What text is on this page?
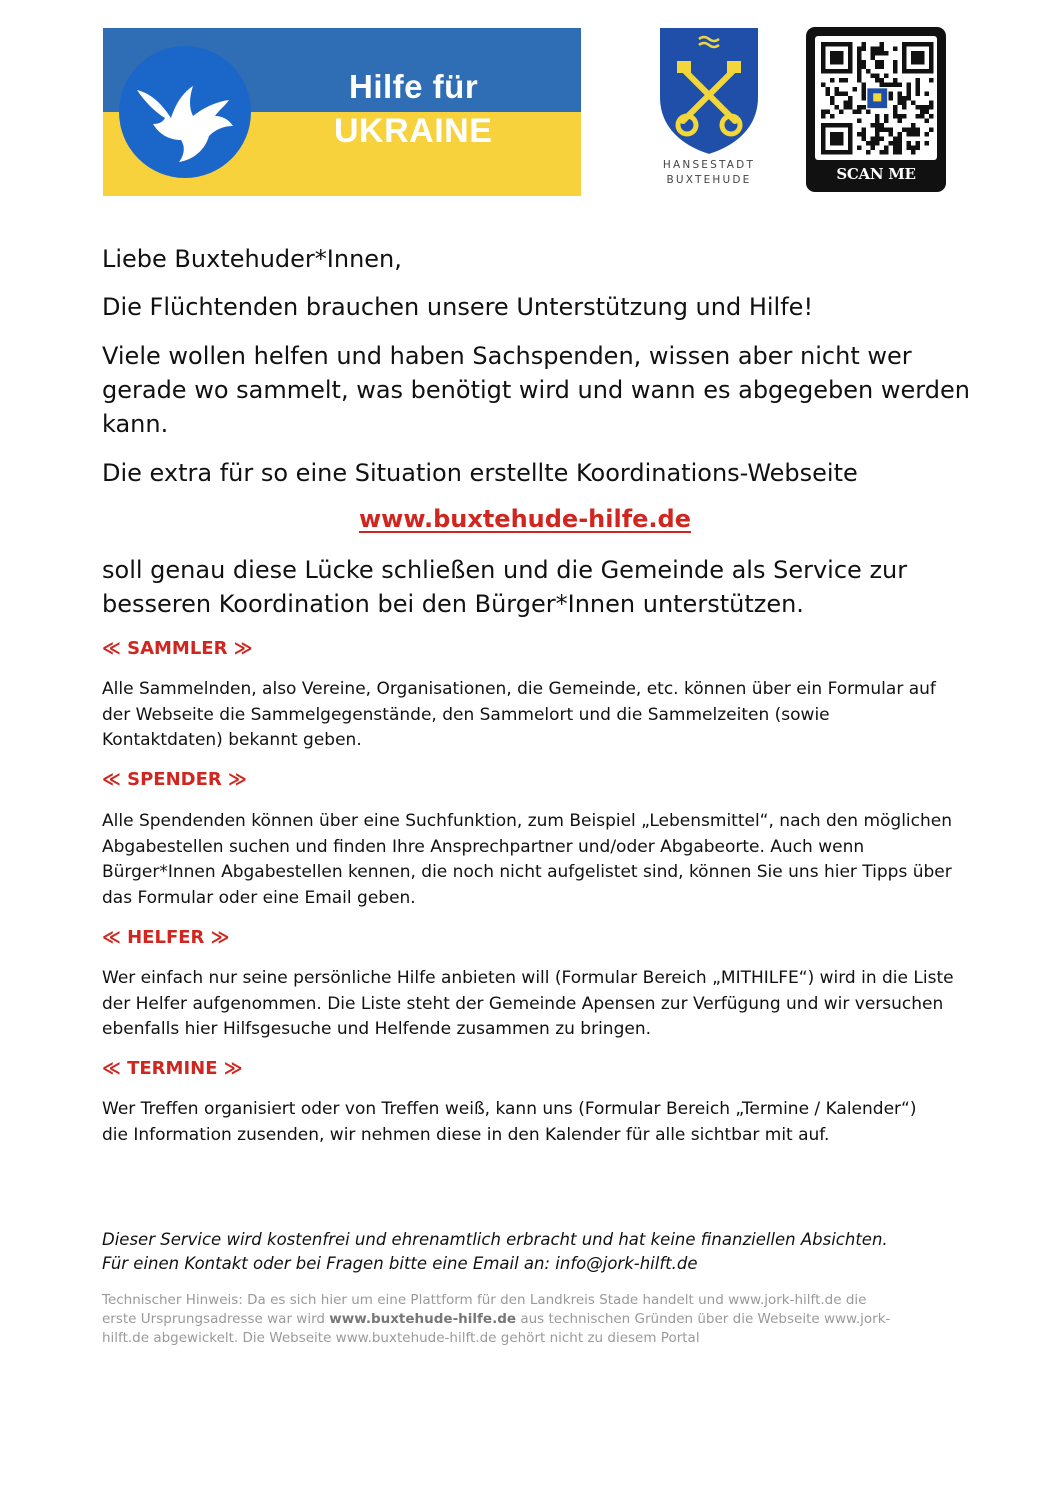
Hilfe für
UKRAINE
HANSESTADT
BUXTEHUDE	SCAN ME

Liebe Buxtehuder*Innen,

Die Flüchtenden brauchen unsere Unterstützung und Hilfe!

Viele wollen helfen und haben Sachspenden, wissen aber nicht wer gerade wo sammelt, was benötigt wird und wann es abgegeben werden kann.

Die extra für so eine Situation erstellte Koordinations-Webseite

www.buxtehude-hilfe.de

soll genau diese Lücke schließen und die Gemeinde als Service zur besseren Koordination bei den Bürger*Innen unterstützen.

≪ SAMMLER ≫

Alle Sammelnden, also Vereine, Organisationen, die Gemeinde, etc. können über ein Formular auf der Webseite die Sammelgegenstände, den Sammelort und die Sammelzeiten (sowie Kontaktdaten) bekannt geben.

≪ SPENDER ≫

Alle Spendenden können über eine Suchfunktion, zum Beispiel „Lebensmittel“, nach den möglichen Abgabestellen suchen und finden Ihre Ansprechpartner und/oder Abgabeorte. Auch wenn Bürger*Innen Abgabestellen kennen, die noch nicht aufgelistet sind, können Sie uns hier Tipps über das Formular oder eine Email geben.

≪ HELFER ≫

Wer einfach nur seine persönliche Hilfe anbieten will (Formular Bereich „MITHILFE“) wird in die Liste der Helfer aufgenommen. Die Liste steht der Gemeinde Apensen zur Verfügung und wir versuchen ebenfalls hier Hilfsgesuche und Helfende zusammen zu bringen.

≪ TERMINE ≫

Wer Treffen organisiert oder von Treffen weiß, kann uns (Formular Bereich „Termine / Kalender“) die Information zusenden, wir nehmen diese in den Kalender für alle sichtbar mit auf.

Dieser Service wird kostenfrei und ehrenamtlich erbracht und hat keine finanziellen Absichten.

Für einen Kontakt oder bei Fragen bitte eine Email an: info@jork-hilft.de

Technischer Hinweis: Da es sich hier um eine Plattform für den Landkreis Stade handelt und www.jork-hilft.de die erste Ursprungsadresse war wird www.buxtehude-hilfe.de aus technischen Gründen über die Webseite www.jork-hilft.de abgewickelt. Die Webseite www.buxtehude-hilft.de gehört nicht zu diesem Portal
